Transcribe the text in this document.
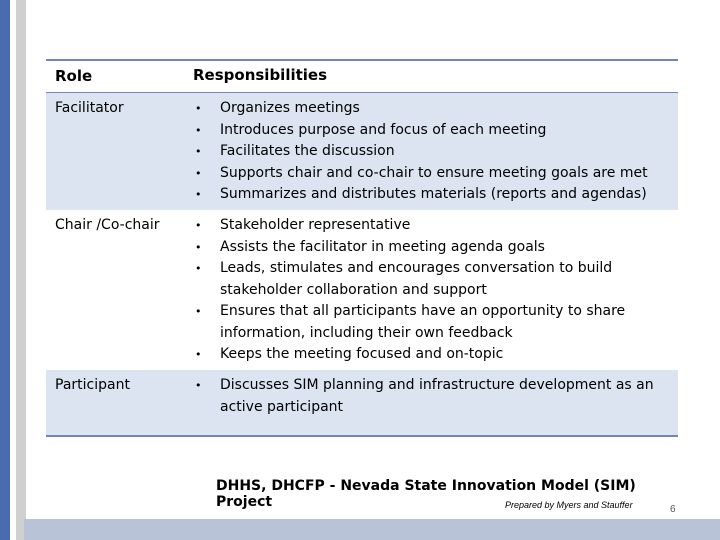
Role	Responsibilities
Facilitator	• Organizes meetings
• Introduces purpose and focus of each meeting
• Facilitates the discussion
• Supports chair and co-chair to ensure meeting goals are met
• Summarizes and distributes materials (reports and agendas)
Chair /Co-chair	• Stakeholder representative
• Assists the facilitator in meeting agenda goals
• Leads, stimulates and encourages conversation to build stakeholder collaboration and support
• Ensures that all participants have an opportunity to share information, including their own feedback
• Keeps the meeting focused and on-topic
Participant	• Discusses SIM planning and infrastructure development as an active participant
DHHS, DHCFP - Nevada State Innovation Model (SIM) Project	Prepared by Myers and Stauffer	6
